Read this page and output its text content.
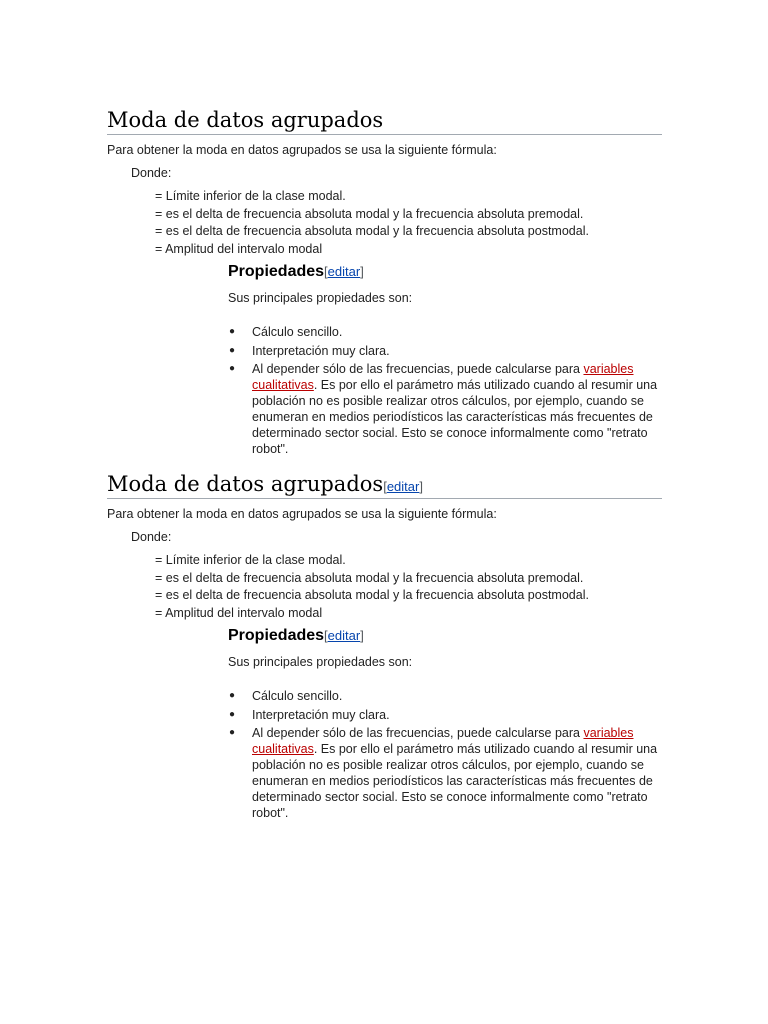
Moda de datos agrupados

Para obtener la moda en datos agrupados se usa la siguiente fórmula:

Donde:

= Límite inferior de la clase modal.
= es el delta de frecuencia absoluta modal y la frecuencia absoluta premodal.
= es el delta de frecuencia absoluta modal y la frecuencia absoluta postmodal.
= Amplitud del intervalo modal
Propiedades[editar]

Sus principales propiedades son:

● Cálculo sencillo.
● Interpretación muy clara.
● Al depender sólo de las frecuencias, puede calcularse para variables cualitativas. Es por ello el parámetro más utilizado cuando al resumir una población no es posible realizar otros cálculos, por ejemplo, cuando se enumeran en medios periodísticos las características más frecuentes de determinado sector social. Esto se conoce informalmente como "retrato robot".
Moda de datos agrupados[editar]

Para obtener la moda en datos agrupados se usa la siguiente fórmula:

Donde:

= Límite inferior de la clase modal.
= es el delta de frecuencia absoluta modal y la frecuencia absoluta premodal.
= es el delta de frecuencia absoluta modal y la frecuencia absoluta postmodal.
= Amplitud del intervalo modal
Propiedades[editar]

Sus principales propiedades son:

● Cálculo sencillo.
● Interpretación muy clara.
● Al depender sólo de las frecuencias, puede calcularse para variables cualitativas. Es por ello el parámetro más utilizado cuando al resumir una población no es posible realizar otros cálculos, por ejemplo, cuando se enumeran en medios periodísticos las características más frecuentes de determinado sector social. Esto se conoce informalmente como "retrato robot".
